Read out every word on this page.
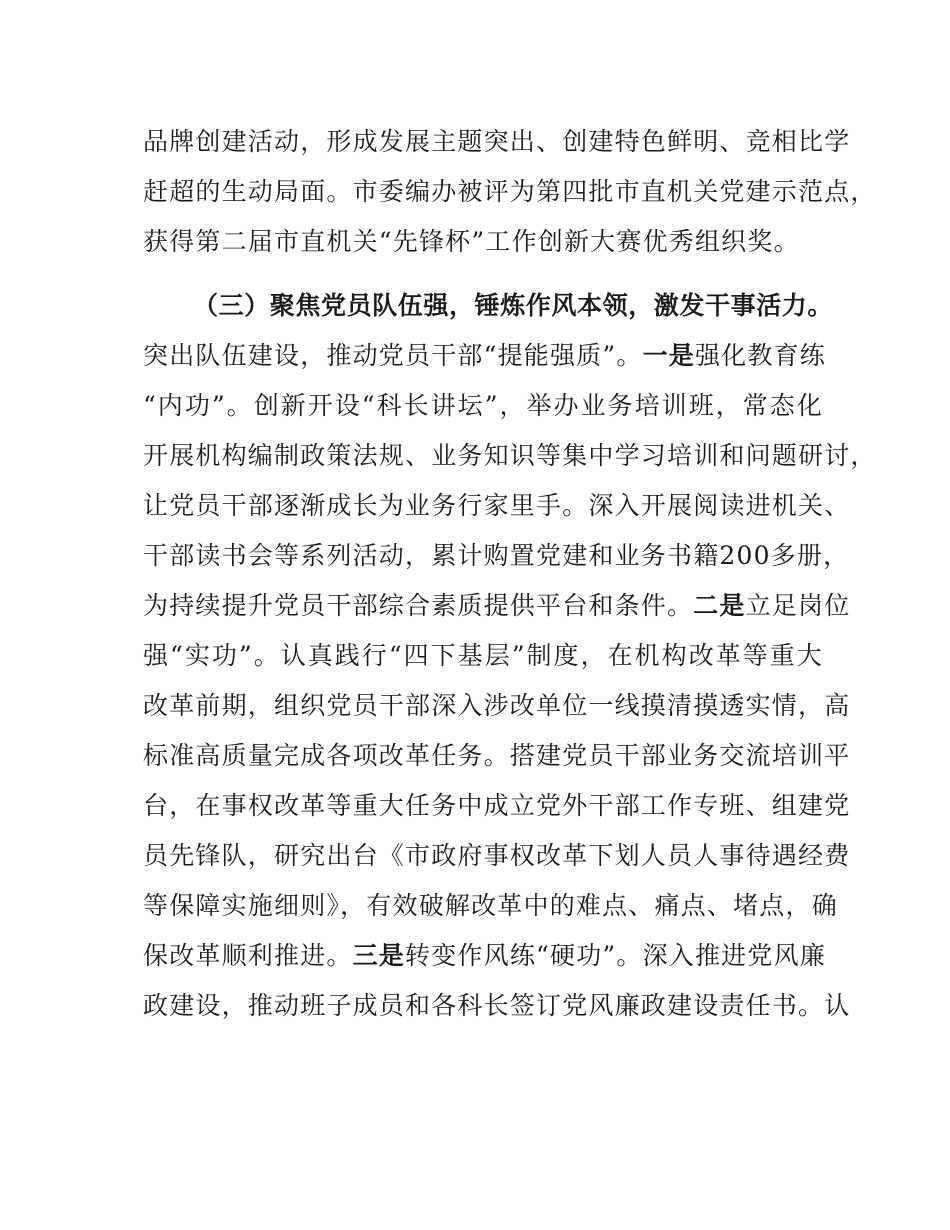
品牌创建活动，形成发展主题突出、创建特色鲜明、竞相比学
赶超的生动局面。市委编办被评为第四批市直机关党建示范点，
获得第二届市直机关“先锋杯”工作创新大赛优秀组织奖。
（三）聚焦党员队伍强，锤炼作风本领，激发干事活力。
突出队伍建设，推动党员干部“提能强质”。一是强化教育练
“内功”。创新开设“科长讲坛”，举办业务培训班，常态化
开展机构编制政策法规、业务知识等集中学习培训和问题研讨，
让党员干部逐渐成长为业务行家里手。深入开展阅读进机关、
干部读书会等系列活动，累计购置党建和业务书籍200多册，
为持续提升党员干部综合素质提供平台和条件。二是立足岗位
强“实功”。认真践行“四下基层”制度，在机构改革等重大
改革前期，组织党员干部深入涉改单位一线摸清摸透实情，高
标准高质量完成各项改革任务。搭建党员干部业务交流培训平
台，在事权改革等重大任务中成立党外干部工作专班、组建党
员先锋队，研究出台《市政府事权改革下划人员人事待遇经费
等保障实施细则》，有效破解改革中的难点、痛点、堵点，确
保改革顺利推进。三是转变作风练“硬功”。深入推进党风廉
政建设，推动班子成员和各科长签订党风廉政建设责任书。认
